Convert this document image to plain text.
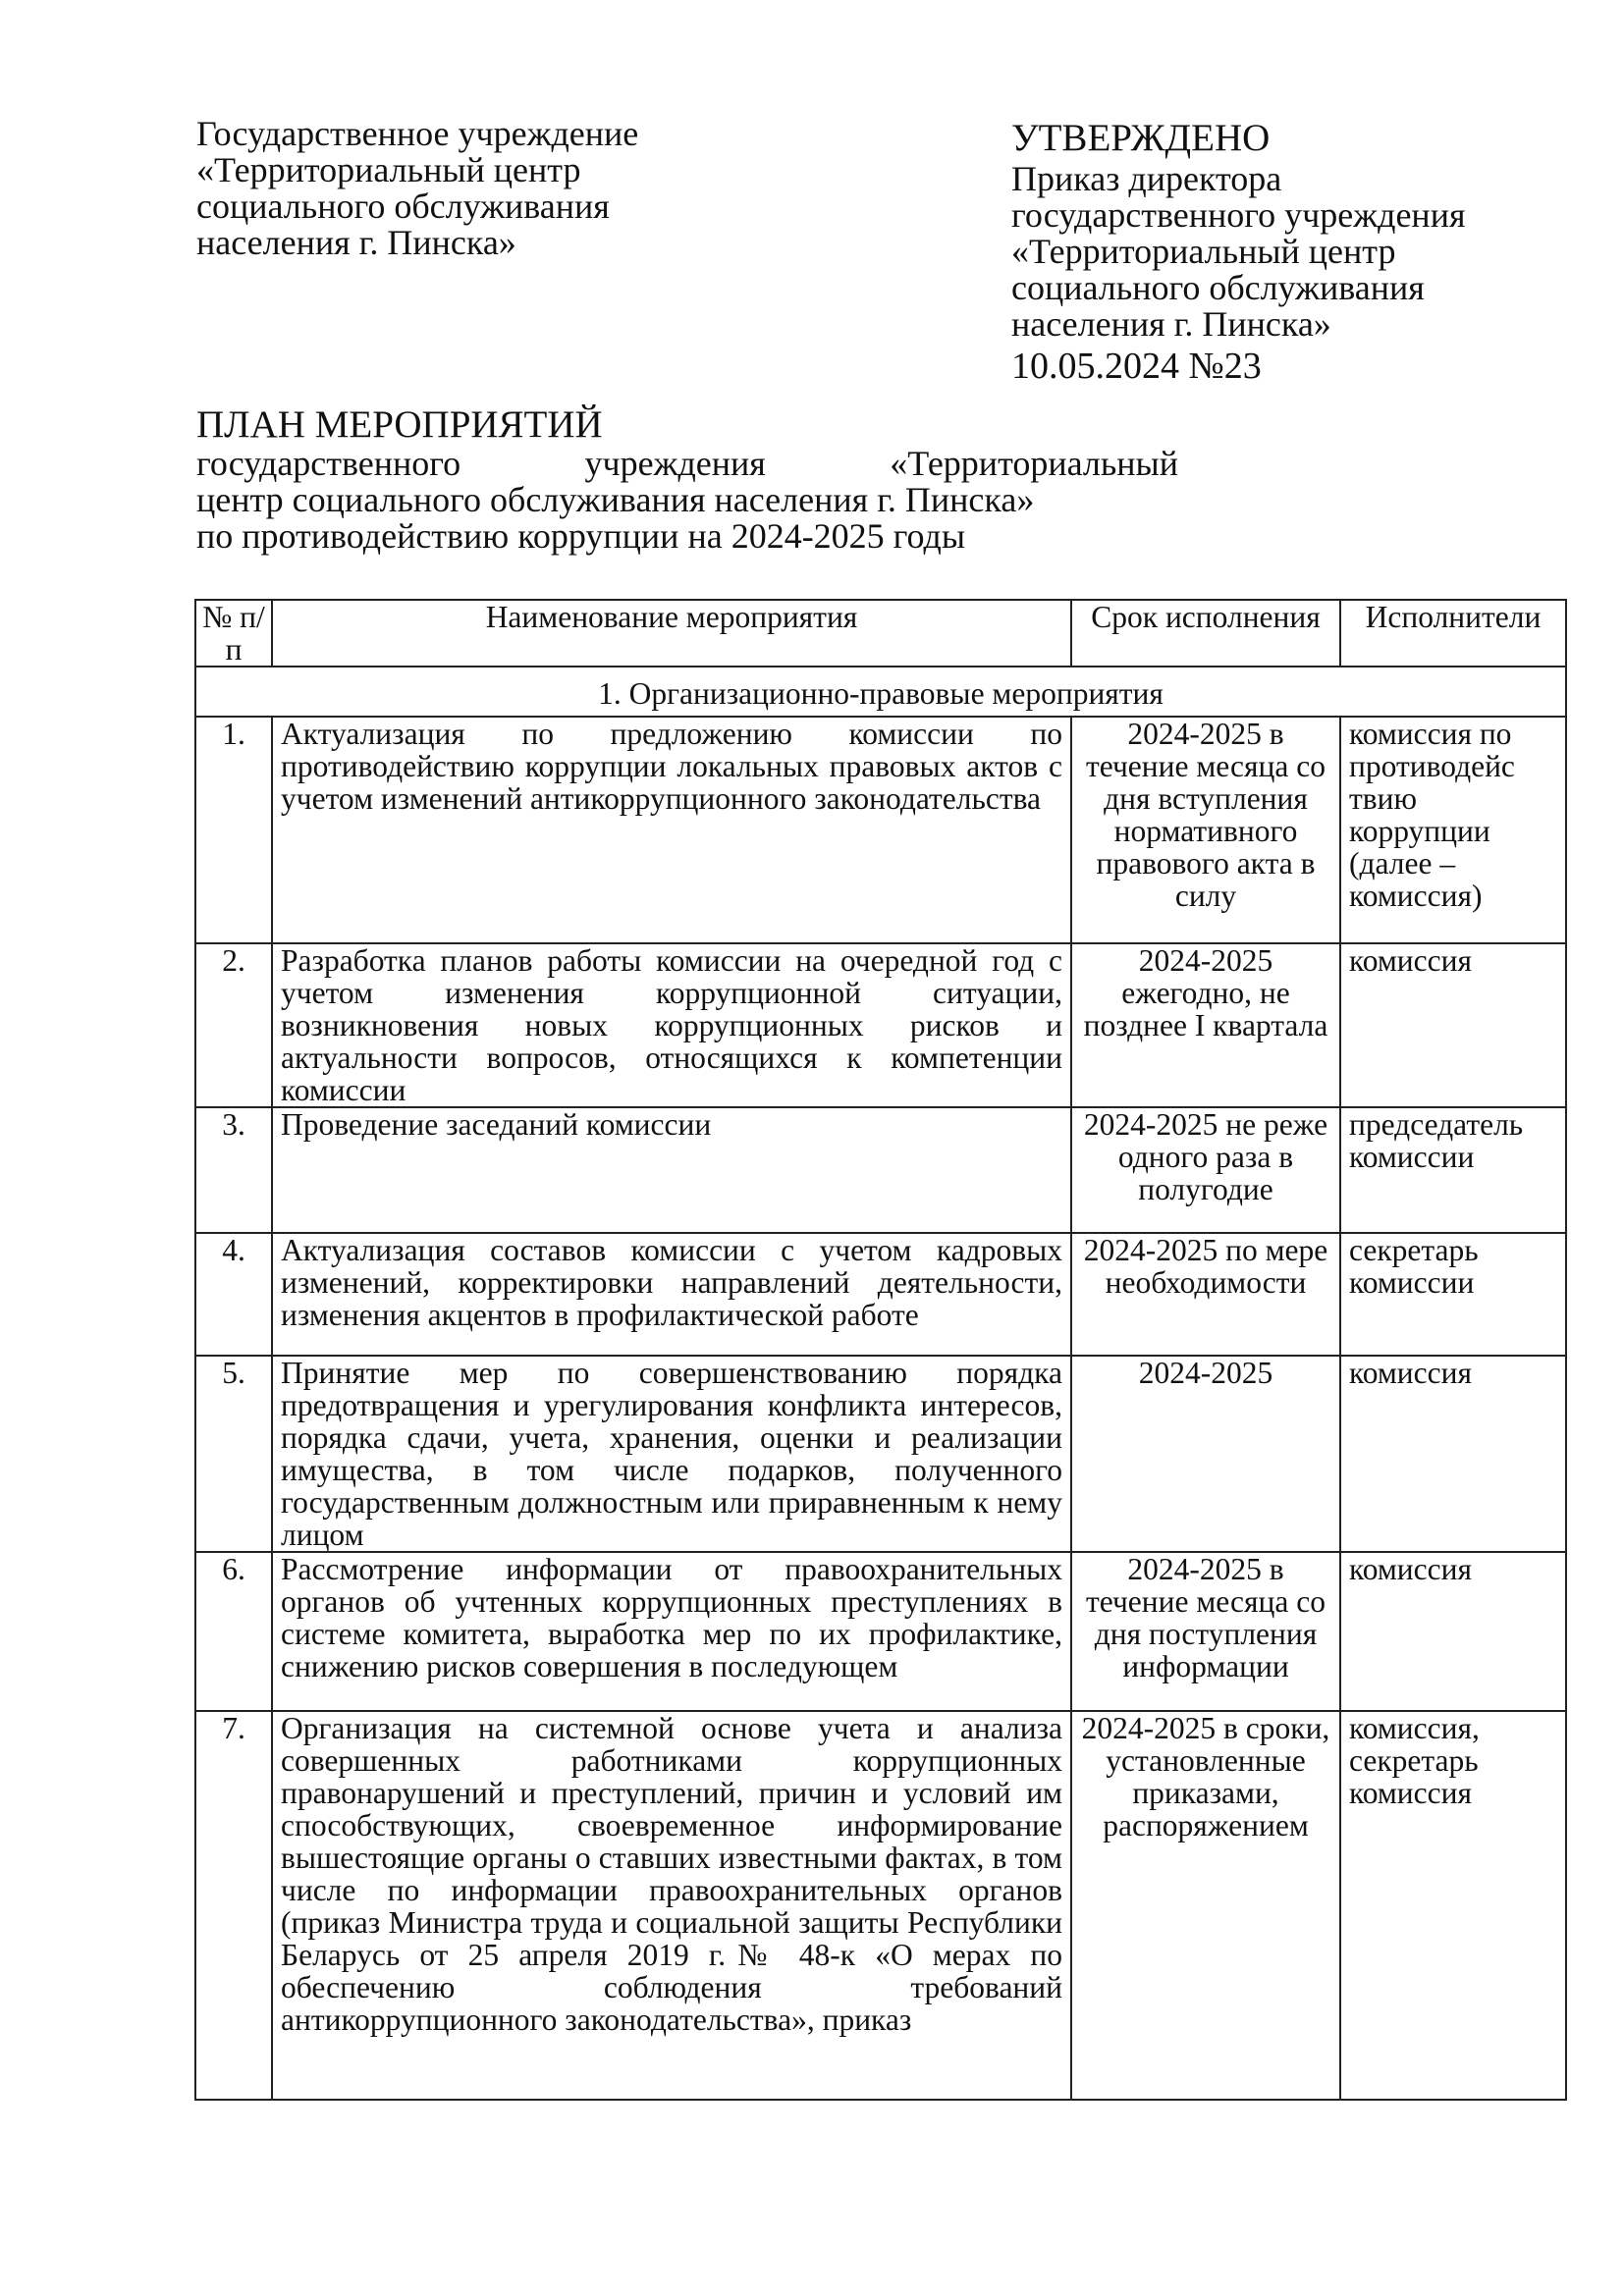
Государственное учреждение
«Территориальный центр
социального обслуживания
населения г. Пинска»
УТВЕРЖДЕНО
Приказ директора
государственного учреждения
«Территориальный центр
социального обслуживания
населения г. Пинска»
10.05.2024 №23
ПЛАН МЕРОПРИЯТИЙ
государственного учреждения «Территориальный
центр социального обслуживания населения г. Пинска»
по противодействию коррупции на 2024-2025 годы
№ п/п	Наименование мероприятия	Срок исполнения	Исполнители
1. Организационно-правовые мероприятия			
1.	Актуализация по предложению комиссии по противодействию коррупции локальных правовых актов с учетом изменений антикоррупционного законодательства	2024-2025 в течение месяца со дня вступления нормативного правового акта в силу	комиссия по противодейс твию коррупции (далее – комиссия)
2.	Разработка планов работы комиссии на очередной год с учетом изменения коррупционной ситуации, возникновения новых коррупционных рисков и актуальности вопросов, относящихся к компетенции комиссии	2024-2025 ежегодно, не позднее I квартала	комиссия
3.	Проведение заседаний комиссии	2024-2025 не реже одного раза в полугодие	председатель комиссии
4.	Актуализация составов комиссии с учетом кадровых изменений, корректировки направлений деятельности, изменения акцентов в профилактической работе	2024-2025 по мере необходимости	секретарь комиссии
5.	Принятие мер по совершенствованию порядка предотвращения и урегулирования конфликта интересов, порядка сдачи, учета, хранения, оценки и реализации имущества, в том числе подарков, полученного государственным должностным или приравненным к нему лицом	2024-2025	комиссия
6.	Рассмотрение информации от правоохранительных органов об учтенных коррупционных преступлениях в системе комитета, выработка мер по их профилактике, снижению рисков совершения в последующем	2024-2025 в течение месяца со дня поступления информации	комиссия
7.	Организация на системной основе учета и анализа совершенных работниками коррупционных правонарушений и преступлений, причин и условий им способствующих, своевременное информирование вышестоящие органы о ставших известными фактах, в том числе по информации правоохранительных органов (приказ Министра труда и социальной защиты Республики Беларусь от 25 апреля 2019 г.№ 48-к «О мерах по обеспечению соблюдения требований антикоррупционного законодательства», приказ	2024-2025 в сроки, установленные приказами, распоряжением	комиссия, секретарь комиссия
